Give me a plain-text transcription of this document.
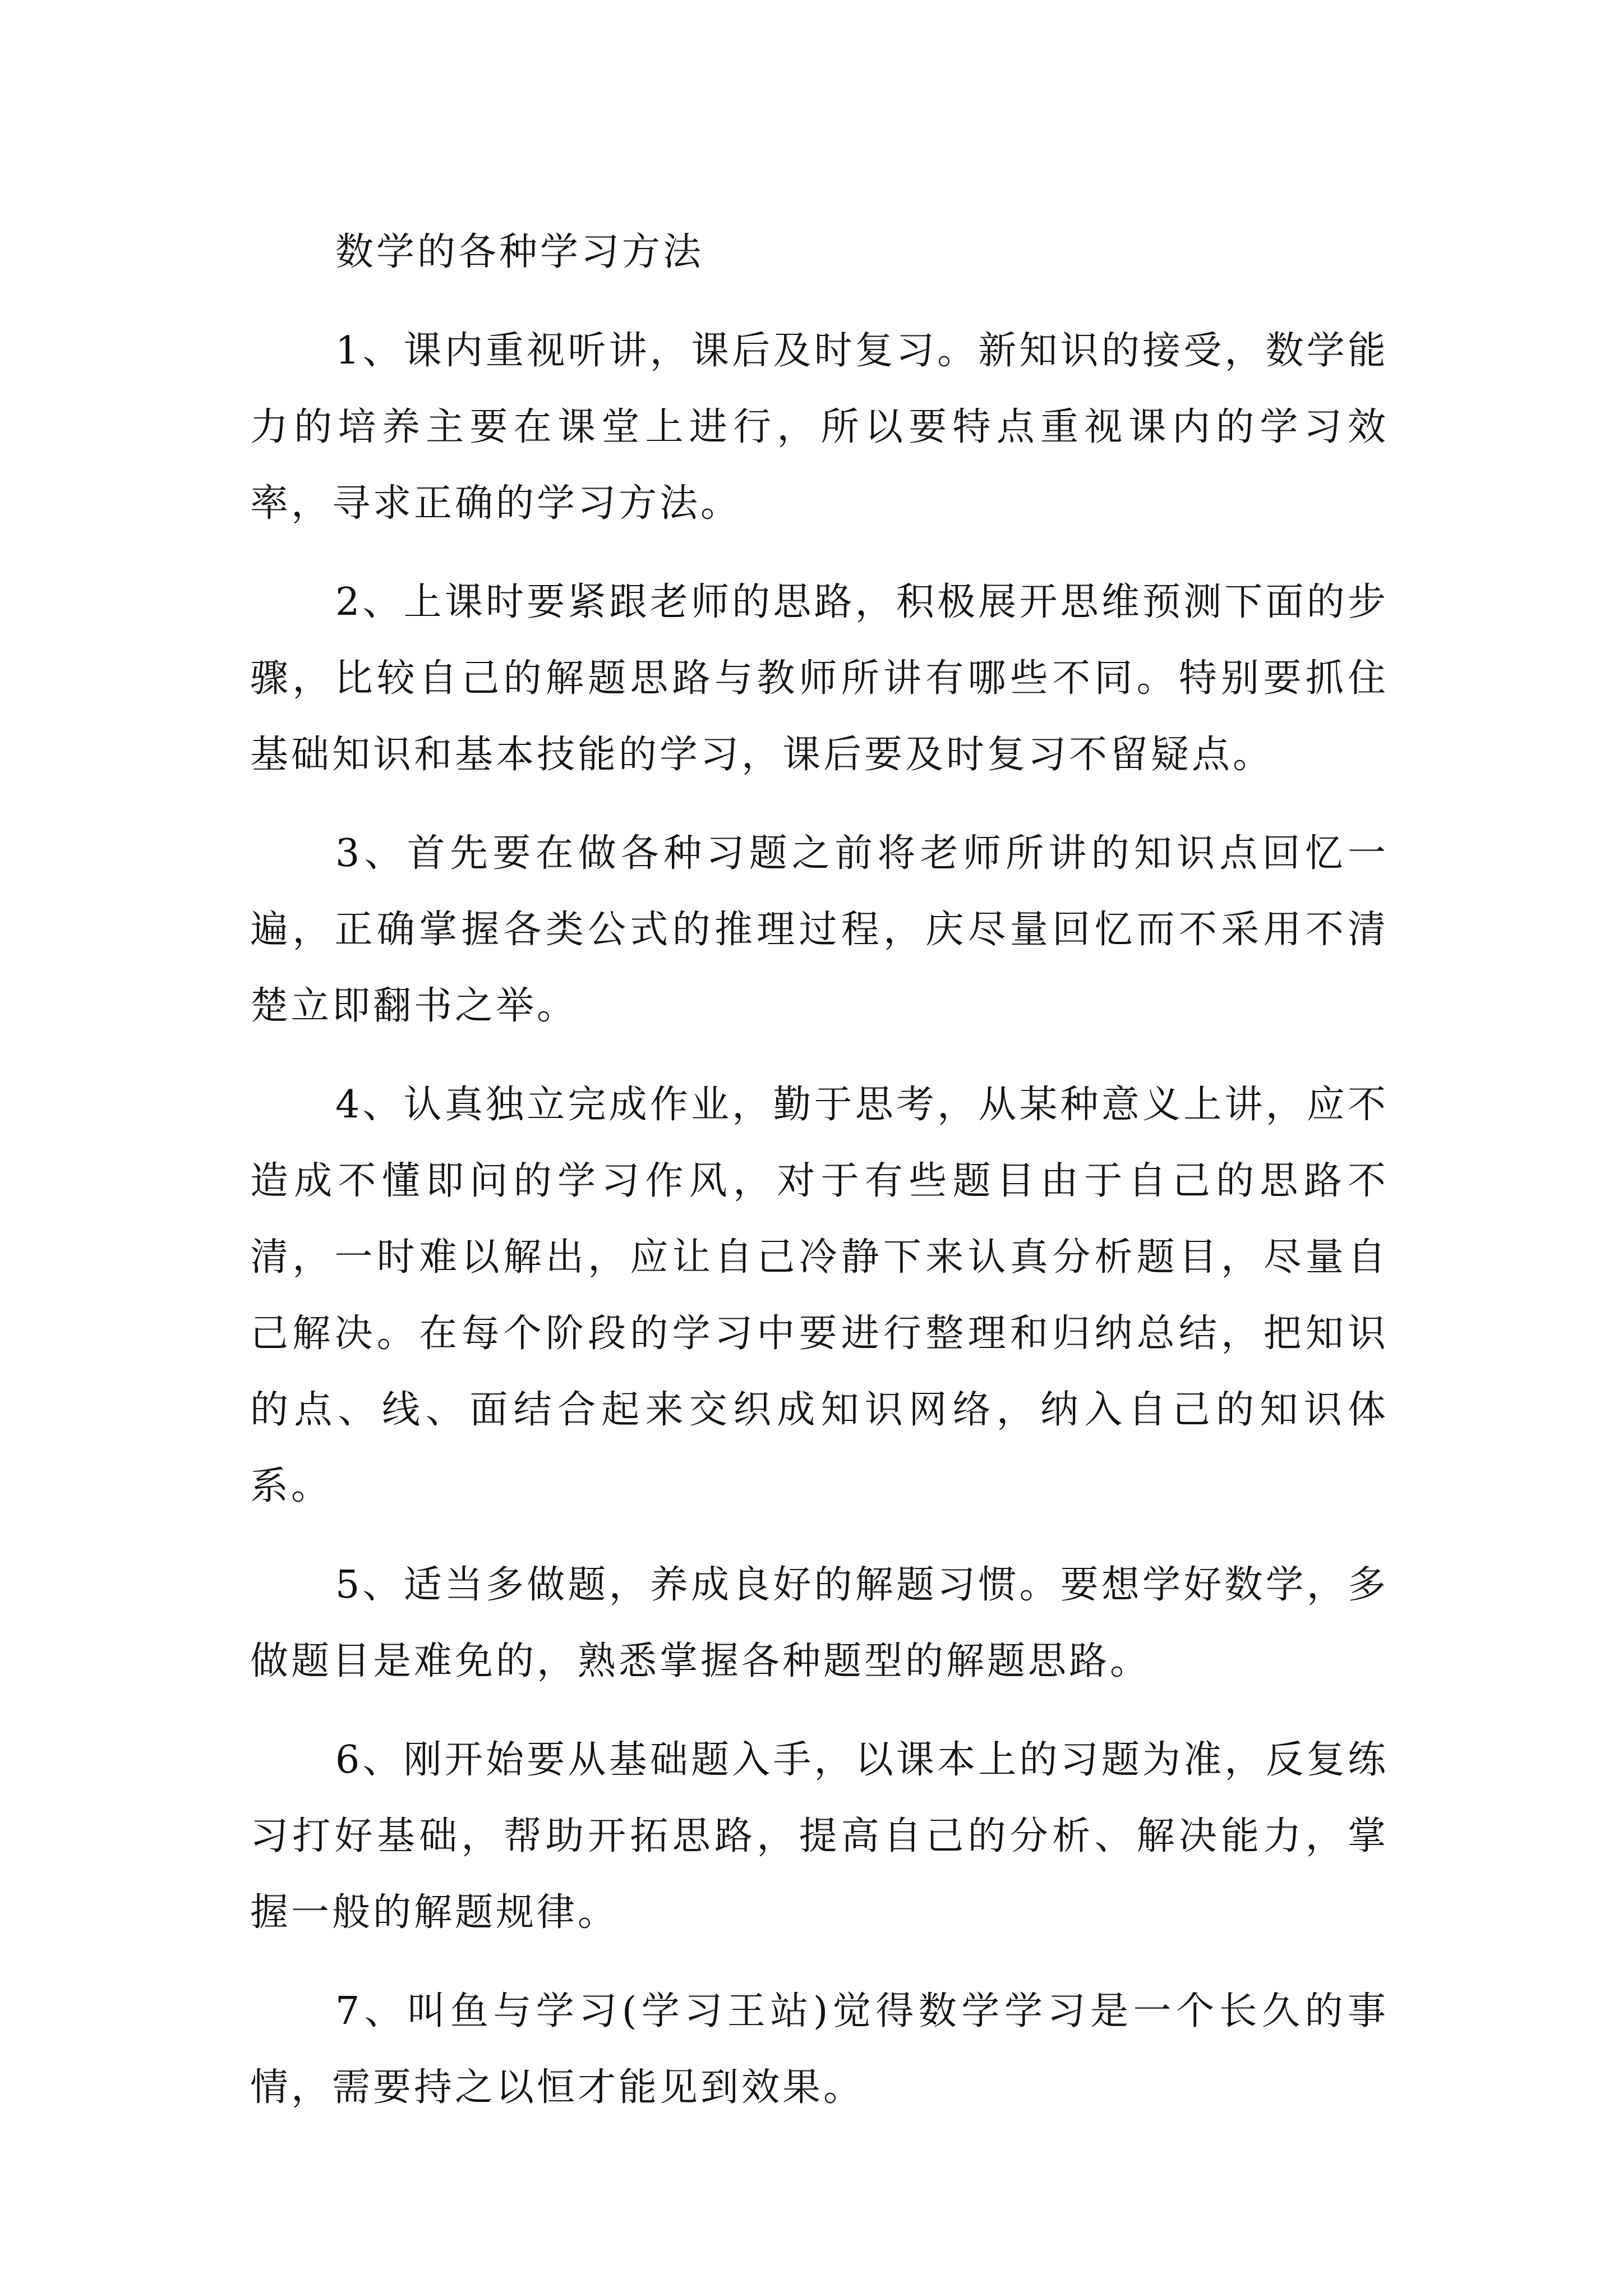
数学的各种学习方法

1、课内重视听讲，课后及时复习。新知识的接受，数学能力的培养主要在课堂上进行，所以要特点重视课内的学习效率，寻求正确的学习方法。

2、上课时要紧跟老师的思路，积极展开思维预测下面的步骤，比较自己的解题思路与教师所讲有哪些不同。特别要抓住基础知识和基本技能的学习，课后要及时复习不留疑点。

3、首先要在做各种习题之前将老师所讲的知识点回忆一遍，正确掌握各类公式的推理过程，庆尽量回忆而不采用不清楚立即翻书之举。

4、认真独立完成作业，勤于思考，从某种意义上讲，应不造成不懂即问的学习作风，对于有些题目由于自己的思路不清，一时难以解出，应让自己冷静下来认真分析题目，尽量自己解决。在每个阶段的学习中要进行整理和归纳总结，把知识的点、线、面结合起来交织成知识网络，纳入自己的知识体系。

5、适当多做题，养成良好的解题习惯。要想学好数学，多做题目是难免的，熟悉掌握各种题型的解题思路。

6、刚开始要从基础题入手，以课本上的习题为准，反复练习打好基础，帮助开拓思路，提高自己的分析、解决能力，掌握一般的解题规律。

7、叫鱼与学习(学习王站)觉得数学学习是一个长久的事情，需要持之以恒才能见到效果。
